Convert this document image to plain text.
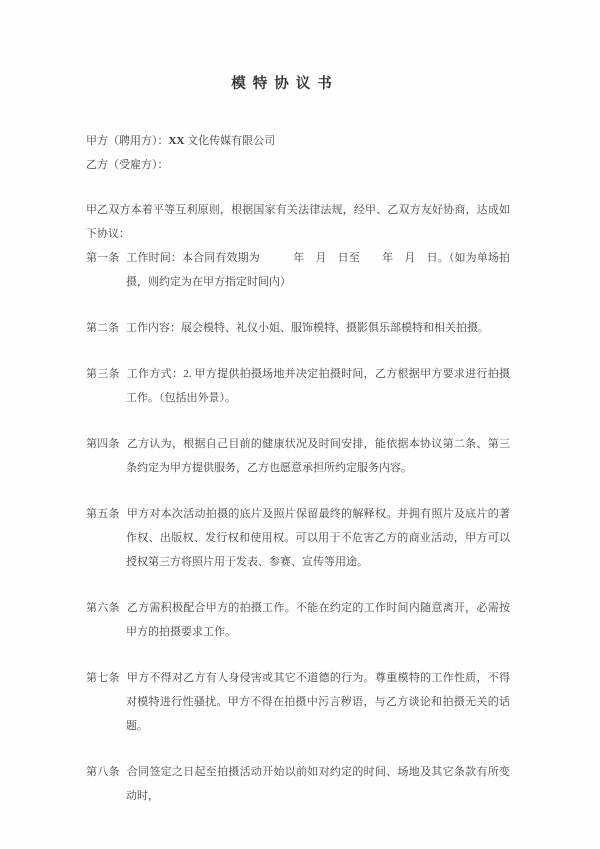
模特协议书
甲方（聘用方）：XX 文化传媒有限公司
乙方（受雇方）：

甲乙双方本着平等互利原则，根据国家有关法律法规，经甲、乙双方友好协商，达成如下协议：

第一条 工作时间：本合同有效期为　　　年　月　日至　　年　月　日。（如为单场拍摄，则约定为在甲方指定时间内）

第二条 工作内容：展会模特、礼仪小姐、服饰模特、摄影俱乐部模特和相关拍摄。

第三条 工作方式：2. 甲方提供拍摄场地并决定拍摄时间，乙方根据甲方要求进行拍摄工作。（包括出外景）。

第四条 乙方认为，根据自己目前的健康状况及时间安排，能依据本协议第二条、第三条约定为甲方提供服务，乙方也愿意承担所约定服务内容。

第五条 甲方对本次活动拍摄的底片及照片保留最终的解释权。并拥有照片及底片的著作权、出版权、发行权和使用权。可以用于不危害乙方的商业活动，甲方可以授权第三方将照片用于发表、参赛、宣传等用途。

第六条 乙方需积极配合甲方的拍摄工作。不能在约定的工作时间内随意离开，必需按甲方的拍摄要求工作。

第七条 甲方不得对乙方有人身侵害或其它不道德的行为。尊重模特的工作性质，不得对模特进行性骚扰。甲方不得在拍摄中污言秽语，与乙方谈论和拍摄无关的话题。

第八条 合同签定之日起至拍摄活动开始以前如对约定的时间、场地及其它条款有所变动时，
